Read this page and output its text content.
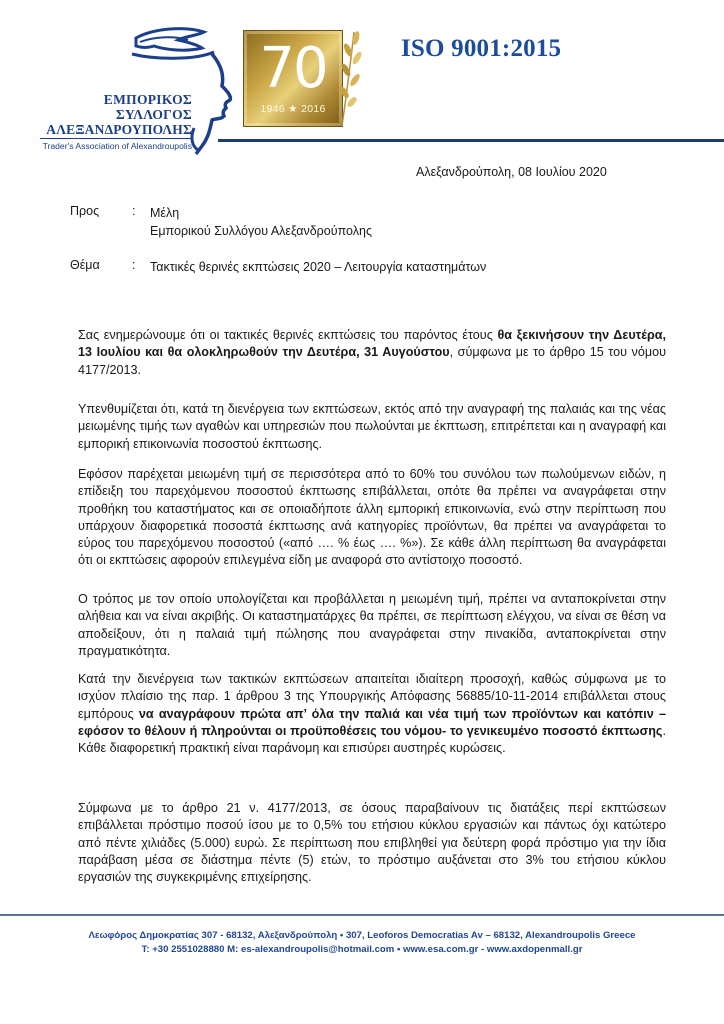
ΕΜΠΟΡΙΚΟΣ
ΣΥΛΛΟΓΟΣ
ΑΛΕΞΑΝΔΡΟΥΠΟΛΗΣ
Trader's Association of Alexandroupolis
70
1946 ★ 2016
ISO 9001:2015
Αλεξανδρούπολη, 08 Ιουλίου 2020
Προς	: Μέλη
Εμπορικού Συλλόγου Αλεξανδρούπολης
Θέμα	: Τακτικές θερινές εκπτώσεις 2020 – Λειτουργία καταστημάτων

Σας ενημερώνουμε ότι οι τακτικές θερινές εκπτώσεις του παρόντος έτους θα ξεκινήσουν την Δευτέρα, 13 Ιουλίου και θα ολοκληρωθούν την Δευτέρα, 31 Αυγούστου, σύμφωνα με το άρθρο 15 του νόμου 4177/2013.

Υπενθυμίζεται ότι, κατά τη διενέργεια των εκπτώσεων, εκτός από την αναγραφή της παλαιάς και της νέας μειωμένης τιμής των αγαθών και υπηρεσιών που πωλούνται με έκπτωση, επιτρέπεται και η αναγραφή και εμπορική επικοινωνία ποσοστού έκπτωσης.

Εφόσον παρέχεται μειωμένη τιμή σε περισσότερα από το 60% του συνόλου των πωλούμενων ειδών, η επίδειξη του παρεχόμενου ποσοστού έκπτωσης επιβάλλεται, οπότε θα πρέπει να αναγράφεται στην προθήκη του καταστήματος και σε οποιαδήποτε άλλη εμπορική επικοινωνία, ενώ στην περίπτωση που υπάρχουν διαφορετικά ποσοστά έκπτωσης ανά κατηγορίες προϊόντων, θα πρέπει να αναγράφεται το εύρος του παρεχόμενου ποσοστού («από …. % έως …. %»). Σε κάθε άλλη περίπτωση θα αναγράφεται ότι οι εκπτώσεις αφορούν επιλεγμένα είδη με αναφορά στο αντίστοιχο ποσοστό.

Ο τρόπος με τον οποίο υπολογίζεται και προβάλλεται η μειωμένη τιμή, πρέπει να ανταποκρίνεται στην αλήθεια και να είναι ακριβής. Οι καταστηματάρχες θα πρέπει, σε περίπτωση ελέγχου, να είναι σε θέση να αποδείξουν, ότι η παλαιά τιμή πώλησης που αναγράφεται στην πινακίδα, ανταποκρίνεται στην πραγματικότητα.

Κατά την διενέργεια των τακτικών εκπτώσεων απαιτείται ιδιαίτερη προσοχή, καθώς σύμφωνα με το ισχύον πλαίσιο της παρ. 1 άρθρου 3 της Υπουργικής Απόφασης 56885/10-11-2014 επιβάλλεται στους εμπόρους να αναγράφουν πρώτα απ’ όλα την παλιά και νέα τιμή των προϊόντων και κατόπιν –εφόσον το θέλουν ή πληρούνται οι προϋποθέσεις του νόμου- το γενικευμένο ποσοστό έκπτωσης. Κάθε διαφορετική πρακτική είναι παράνομη και επισύρει αυστηρές κυρώσεις.

Σύμφωνα με το άρθρο 21 ν. 4177/2013, σε όσους παραβαίνουν τις διατάξεις περί εκπτώσεων επιβάλλεται πρόστιμο ποσού ίσου με το 0,5% του ετήσιου κύκλου εργασιών και πάντως όχι κατώτερο από πέντε χιλιάδες (5.000) ευρώ. Σε περίπτωση που επιβληθεί για δεύτερη φορά πρόστιμο για την ίδια παράβαση μέσα σε διάστημα πέντε (5) ετών, το πρόστιμο αυξάνεται στο 3% του ετήσιου κύκλου εργασιών της συγκεκριμένης επιχείρησης.

Λεωφόρος Δημοκρατίας 307 - 68132, Αλεξανδρούπολη • 307, Leoforos Democratias Av – 68132, Alexandroupolis Greece
T: +30 2551028880 M: es-alexandroupolis@hotmail.com • www.esa.com.gr - www.axdopenmall.gr
